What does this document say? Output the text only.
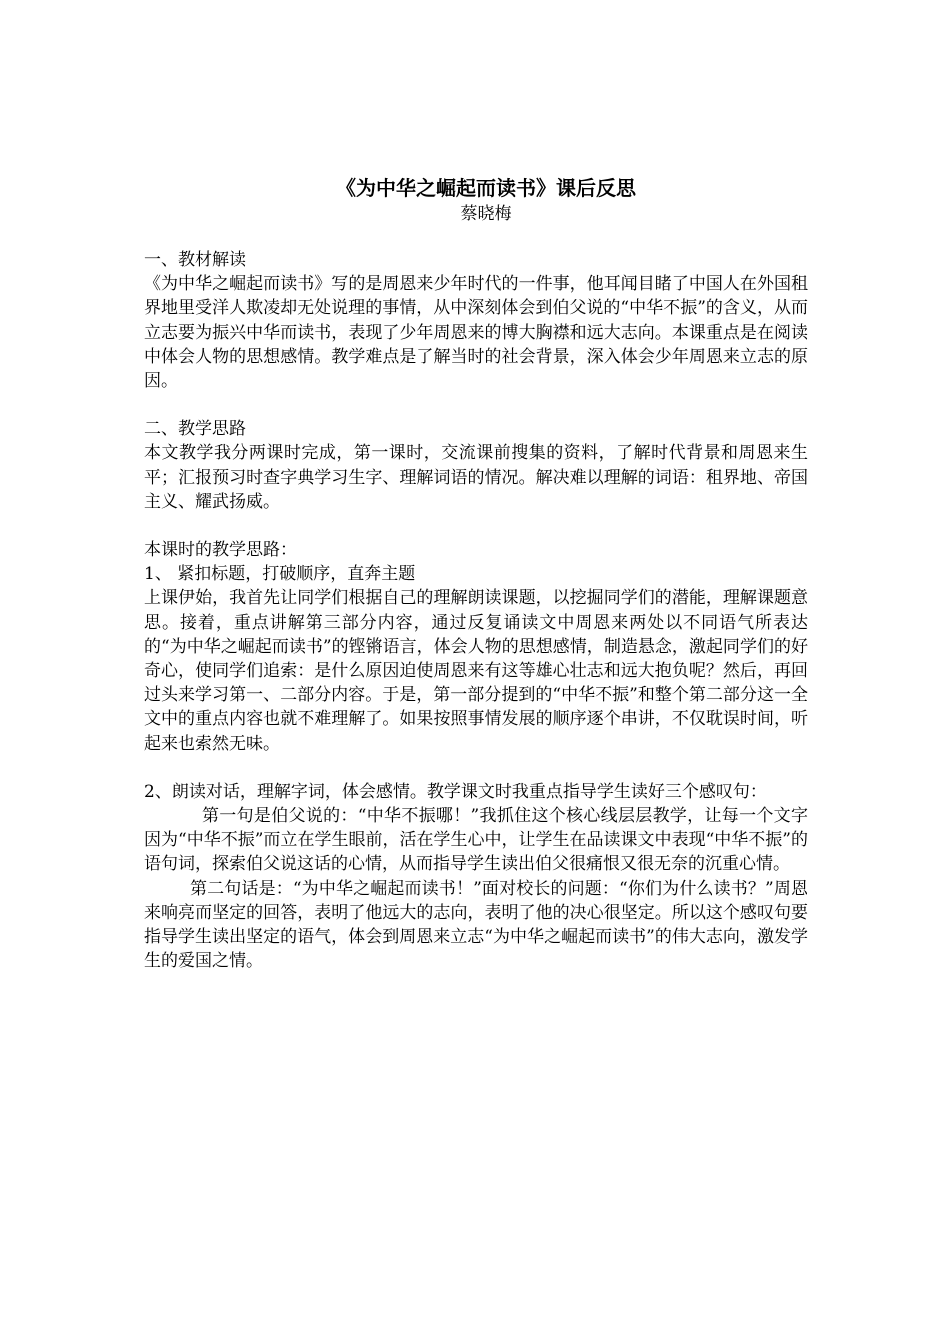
《为中华之崛起而读书》课后反思

蔡晓梅

一、教材解读

《为中华之崛起而读书》写的是周恩来少年时代的一件事，他耳闻目睹了中国人在外国租界地里受洋人欺凌却无处说理的事情，从中深刻体会到伯父说的“中华不振”的含义，从而立志要为振兴中华而读书，表现了少年周恩来的博大胸襟和远大志向。本课重点是在阅读中体会人物的思想感情。教学难点是了解当时的社会背景，深入体会少年周恩来立志的原因。

二、教学思路

本文教学我分两课时完成，第一课时，交流课前搜集的资料，了解时代背景和周恩来生平；汇报预习时查字典学习生字、理解词语的情况。解决难以理解的词语：租界地、帝国主义、耀武扬威。

本课时的教学思路：

1、 紧扣标题，打破顺序，直奔主题

上课伊始，我首先让同学们根据自己的理解朗读课题，以挖掘同学们的潜能，理解课题意思。接着，重点讲解第三部分内容，通过反复诵读文中周恩来两处以不同语气所表达的“为中华之崛起而读书”的铿锵语言，体会人物的思想感情，制造悬念，激起同学们的好奇心，使同学们追索：是什么原因迫使周恩来有这等雄心壮志和远大抱负呢？然后，再回过头来学习第一、二部分内容。于是，第一部分提到的“中华不振”和整个第二部分这一全文中的重点内容也就不难理解了。如果按照事情发展的顺序逐个串讲，不仅耽误时间，听起来也索然无味。

2、朗读对话，理解字词，体会感情。教学课文时我重点指导学生读好三个感叹句：

第一句是伯父说的：“中华不振哪！”我抓住这个核心线层层教学，让每一个文字因为“中华不振”而立在学生眼前，活在学生心中，让学生在品读课文中表现“中华不振”的语句词，探索伯父说这话的心情，从而指导学生读出伯父很痛恨又很无奈的沉重心情。

第二句话是：“为中华之崛起而读书！”面对校长的问题：“你们为什么读书？”周恩来响亮而坚定的回答，表明了他远大的志向，表明了他的决心很坚定。所以这个感叹句要指导学生读出坚定的语气，体会到周恩来立志“为中华之崛起而读书”的伟大志向，激发学生的爱国之情。
